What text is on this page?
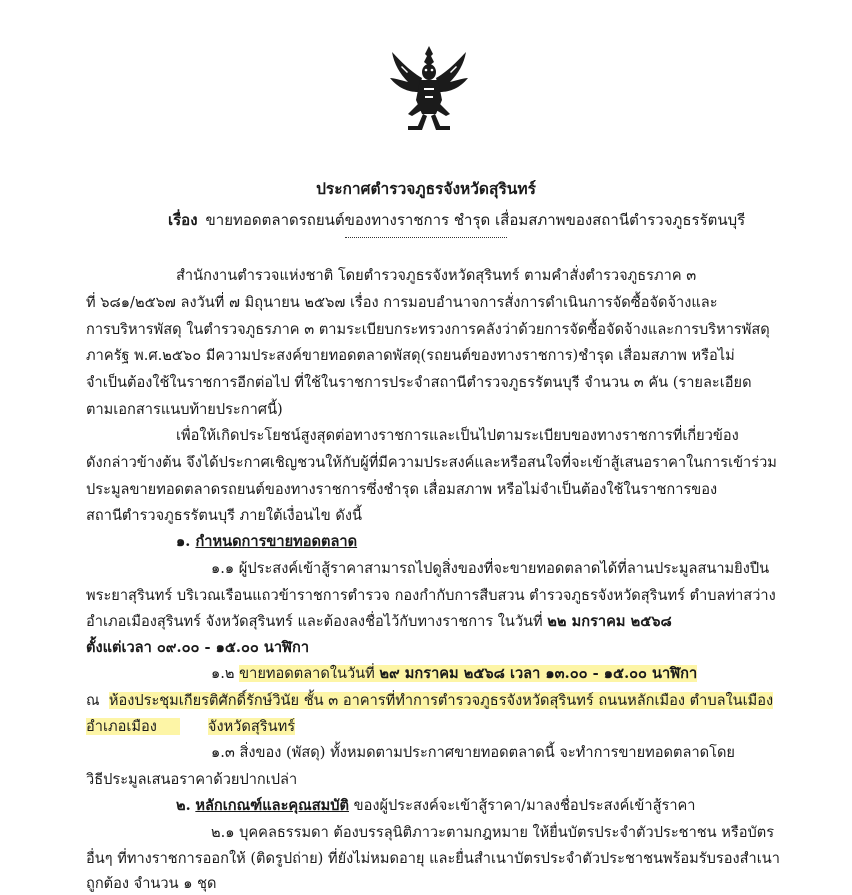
ประกาศตำรวจภูธรจังหวัดสุรินทร์
เรื่อง ขายทอดตลาดรถยนต์ของทางราชการ ชำรุด เสื่อมสภาพของสถานีตำรวจภูธรรัตนบุรี
สำนักงานตำรวจแห่งชาติ โดยตำรวจภูธรจังหวัดสุรินทร์ ตามคำสั่งตำรวจภูธรภาค ๓
ที่ ๖๘๑/๒๕๖๗ ลงวันที่ ๗ มิถุนายน ๒๕๖๗ เรื่อง การมอบอำนาจการสั่งการดำเนินการจัดซื้อจัดจ้างและ
การบริหารพัสดุ ในตำรวจภูธรภาค ๓ ตามระเบียบกระทรวงการคลังว่าด้วยการจัดซื้อจัดจ้างและการบริหารพัสดุ
ภาครัฐ พ.ศ.๒๕๖๐ มีความประสงค์ขายทอดตลาดพัสดุ(รถยนต์ของทางราชการ)ชำรุด เสื่อมสภาพ หรือไม่
จำเป็นต้องใช้ในราชการอีกต่อไป ที่ใช้ในราชการประจำสถานีตำรวจภูธรรัตนบุรี จำนวน ๓ คัน (รายละเอียด
ตามเอกสารแนบท้ายประกาศนี้)
เพื่อให้เกิดประโยชน์สูงสุดต่อทางราชการและเป็นไปตามระเบียบของทางราชการที่เกี่ยวข้อง
ดังกล่าวข้างต้น จึงได้ประกาศเชิญชวนให้กับผู้ที่มีความประสงค์และหรือสนใจที่จะเข้าสู้เสนอราคาในการเข้าร่วม
ประมูลขายทอดตลาดรถยนต์ของทางราชการซึ่งชำรุด เสื่อมสภาพ หรือไม่จำเป็นต้องใช้ในราชการของ
สถานีตำรวจภูธรรัตนบุรี ภายใต้เงื่อนไข ดังนี้
๑. กำหนดการขายทอดตลาด
๑.๑ ผู้ประสงค์เข้าสู้ราคาสามารถไปดูสิ่งของที่จะขายทอดตลาดได้ที่ลานประมูลสนามยิงปืน
พระยาสุรินทร์ บริเวณเรือนแถวข้าราชการตำรวจ กองกำกับการสืบสวน ตำรวจภูธรจังหวัดสุรินทร์ ตำบลท่าสว่าง
อำเภอเมืองสุรินทร์ จังหวัดสุรินทร์ และต้องลงชื่อไว้กับทางราชการ ในวันที่ ๒๒ มกราคม ๒๕๖๘
ตั้งแต่เวลา ๐๙.๐๐ - ๑๕.๐๐ นาฬิกา
๑.๒ ขายทอดตลาดในวันที่ ๒๙ มกราคม ๒๕๖๘ เวลา ๑๓.๐๐ - ๑๕.๐๐ นาฬิกา
ณ ห้องประชุมเกียรติศักดิ์รักษ์วินัย ชั้น ๓ อาคารที่ทำการตำรวจภูธรจังหวัดสุรินทร์ ถนนหลักเมือง ตำบลในเมือง
อำเภอเมือง	จังหวัดสุรินทร์
๑.๓ สิ่งของ (พัสดุ) ทั้งหมดตามประกาศขายทอดตลาดนี้ จะทำการขายทอดตลาดโดย
วิธีประมูลเสนอราคาด้วยปากเปล่า
๒. หลักเกณฑ์และคุณสมบัติ ของผู้ประสงค์จะเข้าสู้ราคา/มาลงชื่อประสงค์เข้าสู้ราคา
๒.๑ บุคคลธรรมดา ต้องบรรลุนิติภาวะตามกฎหมาย ให้ยื่นบัตรประจำตัวประชาชน หรือบัตร
อื่นๆ ที่ทางราชการออกให้ (ติดรูปถ่าย) ที่ยังไม่หมดอายุ และยื่นสำเนาบัตรประจำตัวประชาชนพร้อมรับรองสำเนา
ถูกต้อง จำนวน ๑ ชุด
